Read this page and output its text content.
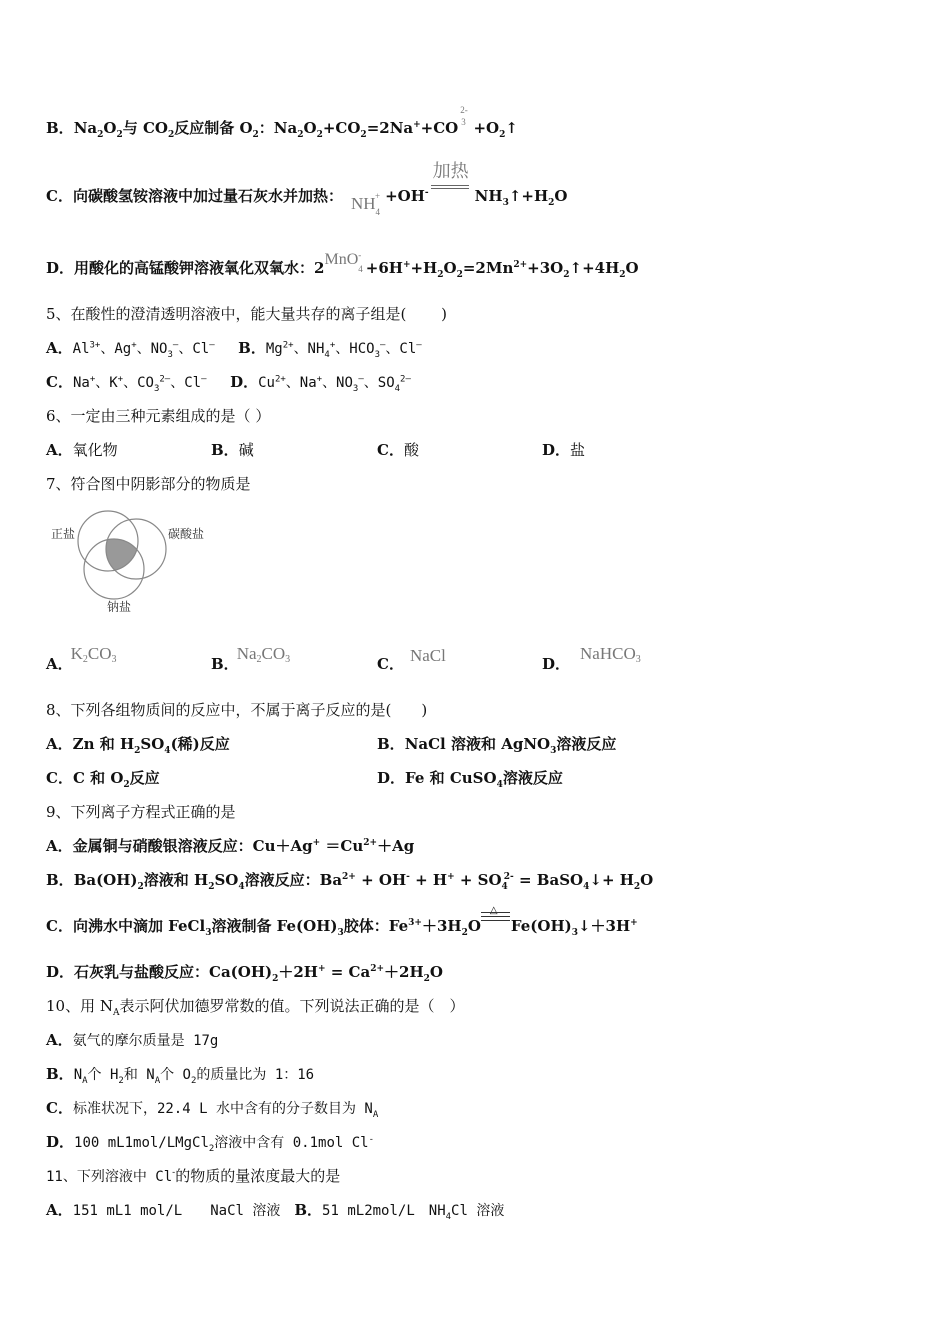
B．$Na_2O_2$与 $CO_2$反应制备 $O_2$：$Na_2O_2+CO_2=2Na^++CO$
2-
$3 +O_2↑$
C．向碳酸氢铵溶液中加过量石灰水并加热： $NH_4^+ +OH^-$
加热
$NH_3↑+H_2O$
D．用酸化的高锰酸钾溶液氧化双氧水：$2MnO^-_4 +6H^++H_2O_2=2Mn^{2+}+3O_2↑+4H_2O$
5、在酸性的澄清透明溶液中，能大量共存的离子组是(　　 )
A．$Al^{3+}$、Ag+、$NO_3^—$、Cl— B．$Mg^{2+}$、$NH_4^+$、$HCO_3^—$、Cl—
C．Na+、K+、$CO_3^{2—}$、Cl— D．$Cu^{2+}$、Na+、$NO_3^—$、$SO_4^{2—}$
6、一定由三种元素组成的是（ ）
A．氧化物	B．碱	C．酸	D．盐
7、符合图中阴影部分的物质是
正盐	碳酸盐
钠盐
A．K2CO3	B．Na2CO3	C． NaCl	D．NaHCO3
8、下列各组物质间的反应中，不属于离子反应的是(　　)
A．Zn 和 $H_2SO_4$(稀)反应	B．NaCl 溶液和 AgNO$_3$溶液反应
C．C 和 $O_2$反应	D．Fe 和 CuSO$_4$溶液反应
9、下列离子方程式正确的是
A．金属铜与硝酸银溶液反应：$Cu+Ag^+ =Cu^{2+}+Ag$
B．$Ba(OH)_2$溶液和 $H_2SO_4$溶液反应：$Ba^{2+} + OH^- + H^+ + SO_4^{2-}$ = BaSO$_4$↓+ $H_2O$
C．向沸水中滴加 FeCl$_3$溶液制备 $Fe(OH)_3$胶体：$Fe^{3+}+3H_2O$
△
$Fe(OH)_3↓+3H^+$
D．石灰乳与盐酸反应：$Ca(OH)_2+2H^+ = Ca^{2+}+2H_2O$
10、用 $N_A$表示阿伏加德罗常数的值。下列说法正确的是（　）
A．氨气的摩尔质量是 17g
B．$N_A$个 $H_2$和 $N_A$个 $O_2$的质量比为 1：16
C．标准状况下，22.4 L 水中含有的分子数目为 $N_A$
D．100 mL1mol/LMgCl$_2$溶液中含有 0.1mol Cl-
11、下列溶液中 Cl-的物质的量浓度最大的是
A．151 mL1 mol/L　　NaCl 溶液 B．51 mL2mol/L　$NH_4Cl$ 溶液
